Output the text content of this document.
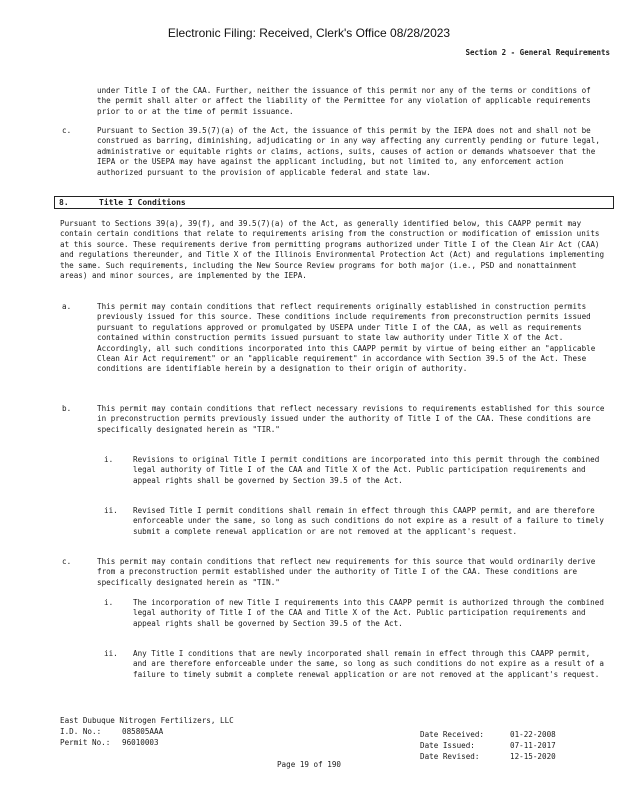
Electronic Filing: Received, Clerk's Office 08/28/2023
Section 2 - General Requirements
under Title I of the CAA. Further, neither the issuance of this permit nor any of the terms or conditions of the permit shall alter or affect the liability of the Permittee for any violation of applicable requirements prior to or at the time of permit issuance.
c.	Pursuant to Section 39.5(7)(a) of the Act, the issuance of this permit by the IEPA does not and shall not be construed as barring, diminishing, adjudicating or in any way affecting any currently pending or future legal, administrative or equitable rights or claims, actions, suits, causes of action or demands whatsoever that the IEPA or the USEPA may have against the applicant including, but not limited to, any enforcement action authorized pursuant to the provision of applicable federal and state law.
8.	Title I Conditions
Pursuant to Sections 39(a), 39(f), and 39.5(7)(a) of the Act, as generally identified below, this CAAPP permit may contain certain conditions that relate to requirements arising from the construction or modification of emission units at this source. These requirements derive from permitting programs authorized under Title I of the Clean Air Act (CAA) and regulations thereunder, and Title X of the Illinois Environmental Protection Act (Act) and regulations implementing the same. Such requirements, including the New Source Review programs for both major (i.e., PSD and nonattainment areas) and minor sources, are implemented by the IEPA.
a.	This permit may contain conditions that reflect requirements originally established in construction permits previously issued for this source. These conditions include requirements from preconstruction permits issued pursuant to regulations approved or promulgated by USEPA under Title I of the CAA, as well as requirements contained within construction permits issued pursuant to state law authority under Title X of the Act. Accordingly, all such conditions incorporated into this CAAPP permit by virtue of being either an "applicable Clean Air Act requirement" or an "applicable requirement" in accordance with Section 39.5 of the Act. These conditions are identifiable herein by a designation to their origin of authority.
b.	This permit may contain conditions that reflect necessary revisions to requirements established for this source in preconstruction permits previously issued under the authority of Title I of the CAA. These conditions are specifically designated herein as "TIR."
i.	Revisions to original Title I permit conditions are incorporated into this permit through the combined legal authority of Title I of the CAA and Title X of the Act. Public participation requirements and appeal rights shall be governed by Section 39.5 of the Act.
ii. Revised Title I permit conditions shall remain in effect through this CAAPP permit, and are therefore enforceable under the same, so long as such conditions do not expire as a result of a failure to timely submit a complete renewal application or are not removed at the applicant's request.
c.	This permit may contain conditions that reflect new requirements for this source that would ordinarily derive from a preconstruction permit established under the authority of Title I of the CAA. These conditions are specifically designated herein as "TIN."
i.	The incorporation of new Title I requirements into this CAAPP permit is authorized through the combined legal authority of Title I of the CAA and Title X of the Act. Public participation requirements and appeal rights shall be governed by Section 39.5 of the Act.
ii. Any Title I conditions that are newly incorporated shall remain in effect through this CAAPP permit, and are therefore enforceable under the same, so long as such conditions do not expire as a result of a failure to timely submit a complete renewal application or are not removed at the applicant's request.
East Dubuque Nitrogen Fertilizers, LLC
I.D. No.:	085805AAA
Permit No.: 96010003
Date Received:	01-22-2008
Date Issued:	07-11-2017
Date Revised:	12-15-2020
Page 19 of 190
